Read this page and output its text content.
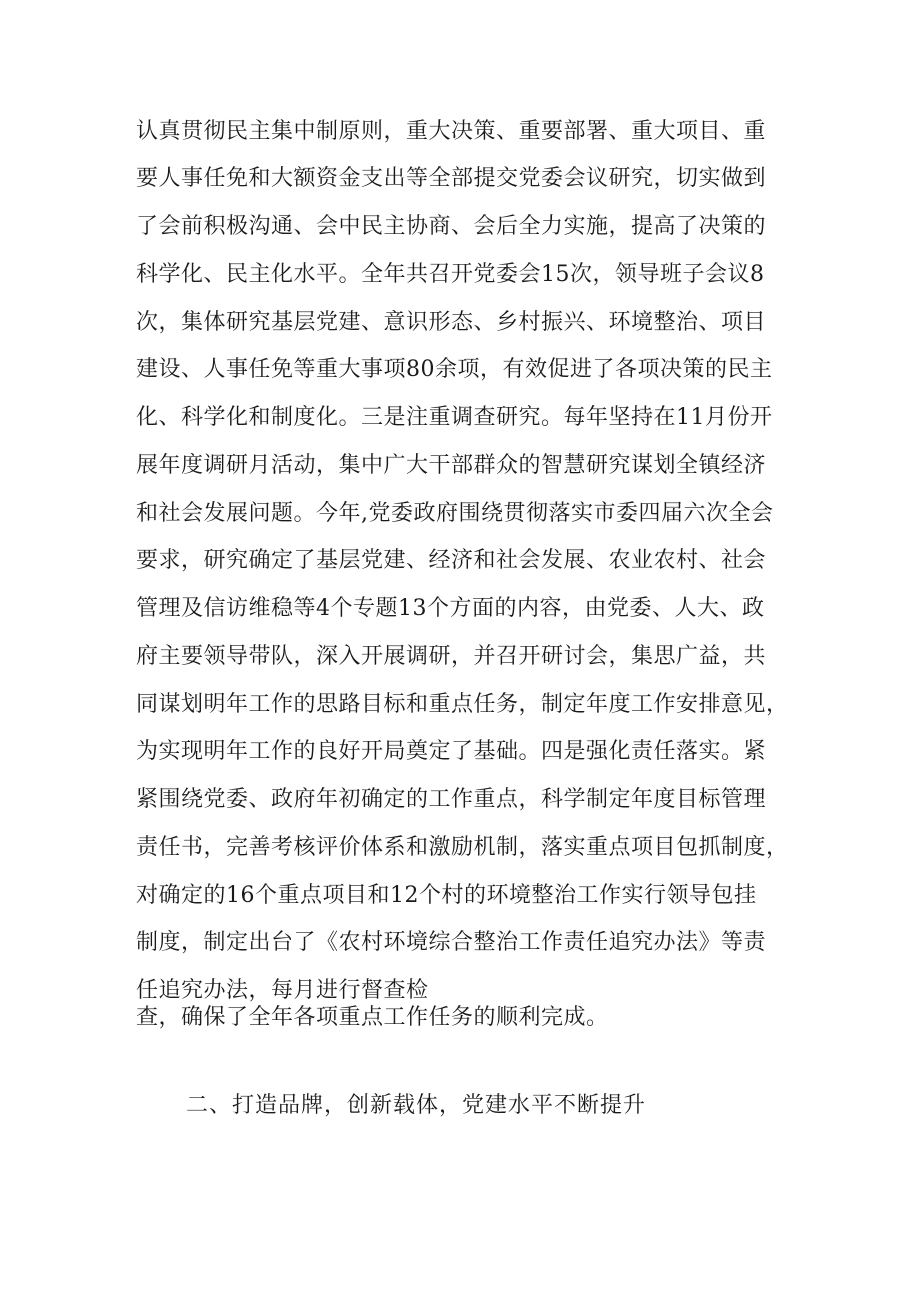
认真贯彻民主集中制原则，重大决策、重要部署、重大项目、重
要人事任免和大额资金支出等全部提交党委会议研究，切实做到
了会前积极沟通、会中民主协商、会后全力实施，提高了决策的
科学化、民主化水平。全年共召开党委会15次，领导班子会议8
次，集体研究基层党建、意识形态、乡村振兴、环境整治、项目
建设、人事任免等重大事项80余项，有效促进了各项决策的民主
化、科学化和制度化。三是注重调查研究。每年坚持在11月份开
展年度调研月活动，集中广大干部群众的智慧研究谋划全镇经济
和社会发展问题。今年,党委政府围绕贯彻落实市委四届六次全会
要求，研究确定了基层党建、经济和社会发展、农业农村、社会
管理及信访维稳等4个专题13个方面的内容，由党委、人大、政
府主要领导带队，深入开展调研，并召开研讨会，集思广益，共
同谋划明年工作的思路目标和重点任务，制定年度工作安排意见，
为实现明年工作的良好开局奠定了基础。四是强化责任落实。紧
紧围绕党委、政府年初确定的工作重点，科学制定年度目标管理
责任书，完善考核评价体系和激励机制，落实重点项目包抓制度，
对确定的16个重点项目和12个村的环境整治工作实行领导包挂
制度，制定出台了《农村环境综合整治工作责任追究办法》等责
任追究办法，每月进行督查检
查，确保了全年各项重点工作任务的顺利完成。
二、打造品牌，创新载体，党建水平不断提升
